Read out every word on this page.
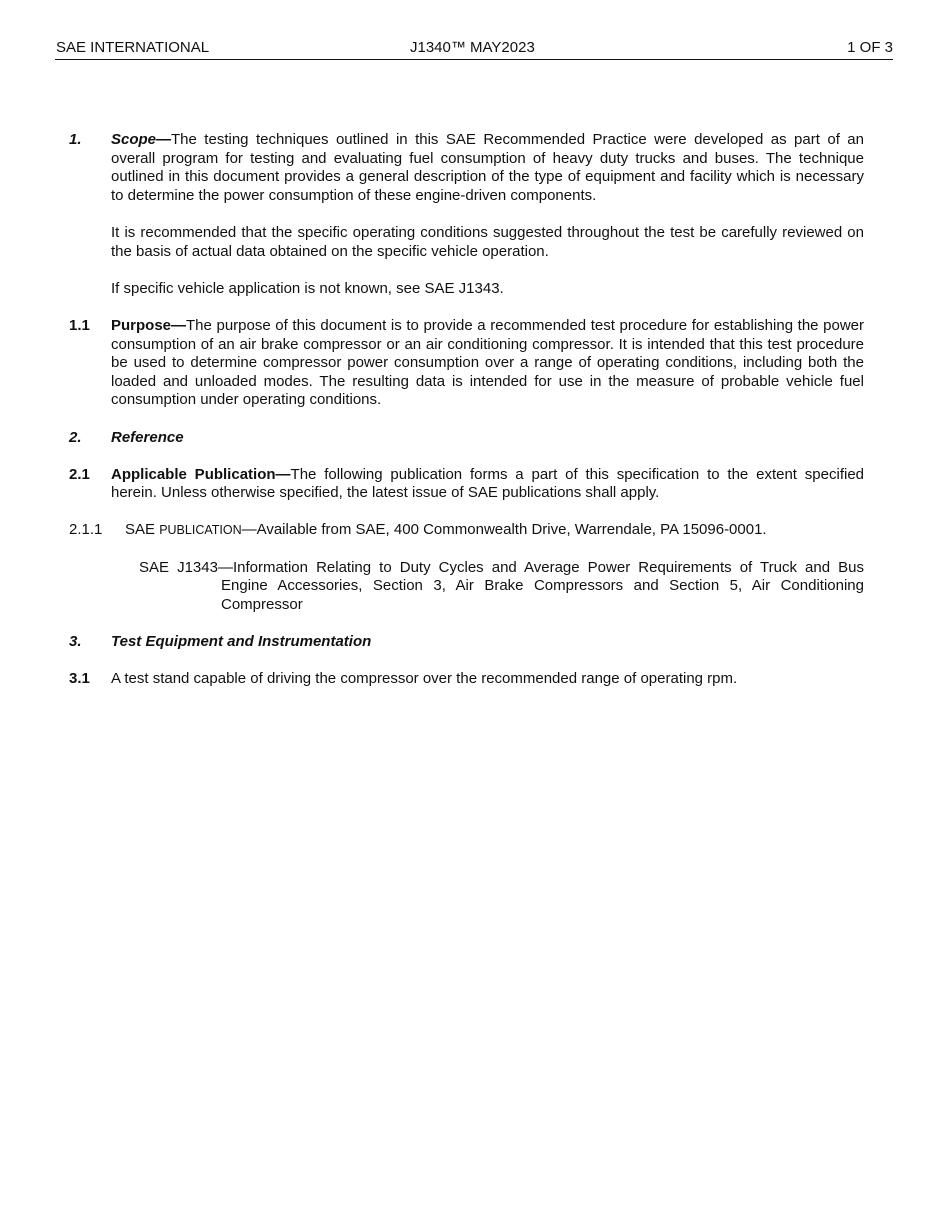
SAE INTERNATIONAL	J1340™ MAY2023	1 OF 3
1.	Scope—The testing techniques outlined in this SAE Recommended Practice were developed as part of an overall program for testing and evaluating fuel consumption of heavy duty trucks and buses. The technique outlined in this document provides a general description of the type of equipment and facility which is necessary to determine the power consumption of these engine-driven components.
It is recommended that the specific operating conditions suggested throughout the test be carefully reviewed on the basis of actual data obtained on the specific vehicle operation.
If specific vehicle application is not known, see SAE J1343.
1.1	Purpose—The purpose of this document is to provide a recommended test procedure for establishing the power consumption of an air brake compressor or an air conditioning compressor. It is intended that this test procedure be used to determine compressor power consumption over a range of operating conditions, including both the loaded and unloaded modes. The resulting data is intended for use in the measure of probable vehicle fuel consumption under operating conditions.
2.	Reference
2.1	Applicable Publication—The following publication forms a part of this specification to the extent specified herein. Unless otherwise specified, the latest issue of SAE publications shall apply.
2.1.1	SAE PUBLICATION—Available from SAE, 400 Commonwealth Drive, Warrendale, PA 15096-0001.
SAE J1343—Information Relating to Duty Cycles and Average Power Requirements of Truck and Bus Engine Accessories, Section 3, Air Brake Compressors and Section 5, Air Conditioning Compressor
3.	Test Equipment and Instrumentation
3.1	A test stand capable of driving the compressor over the recommended range of operating rpm.
